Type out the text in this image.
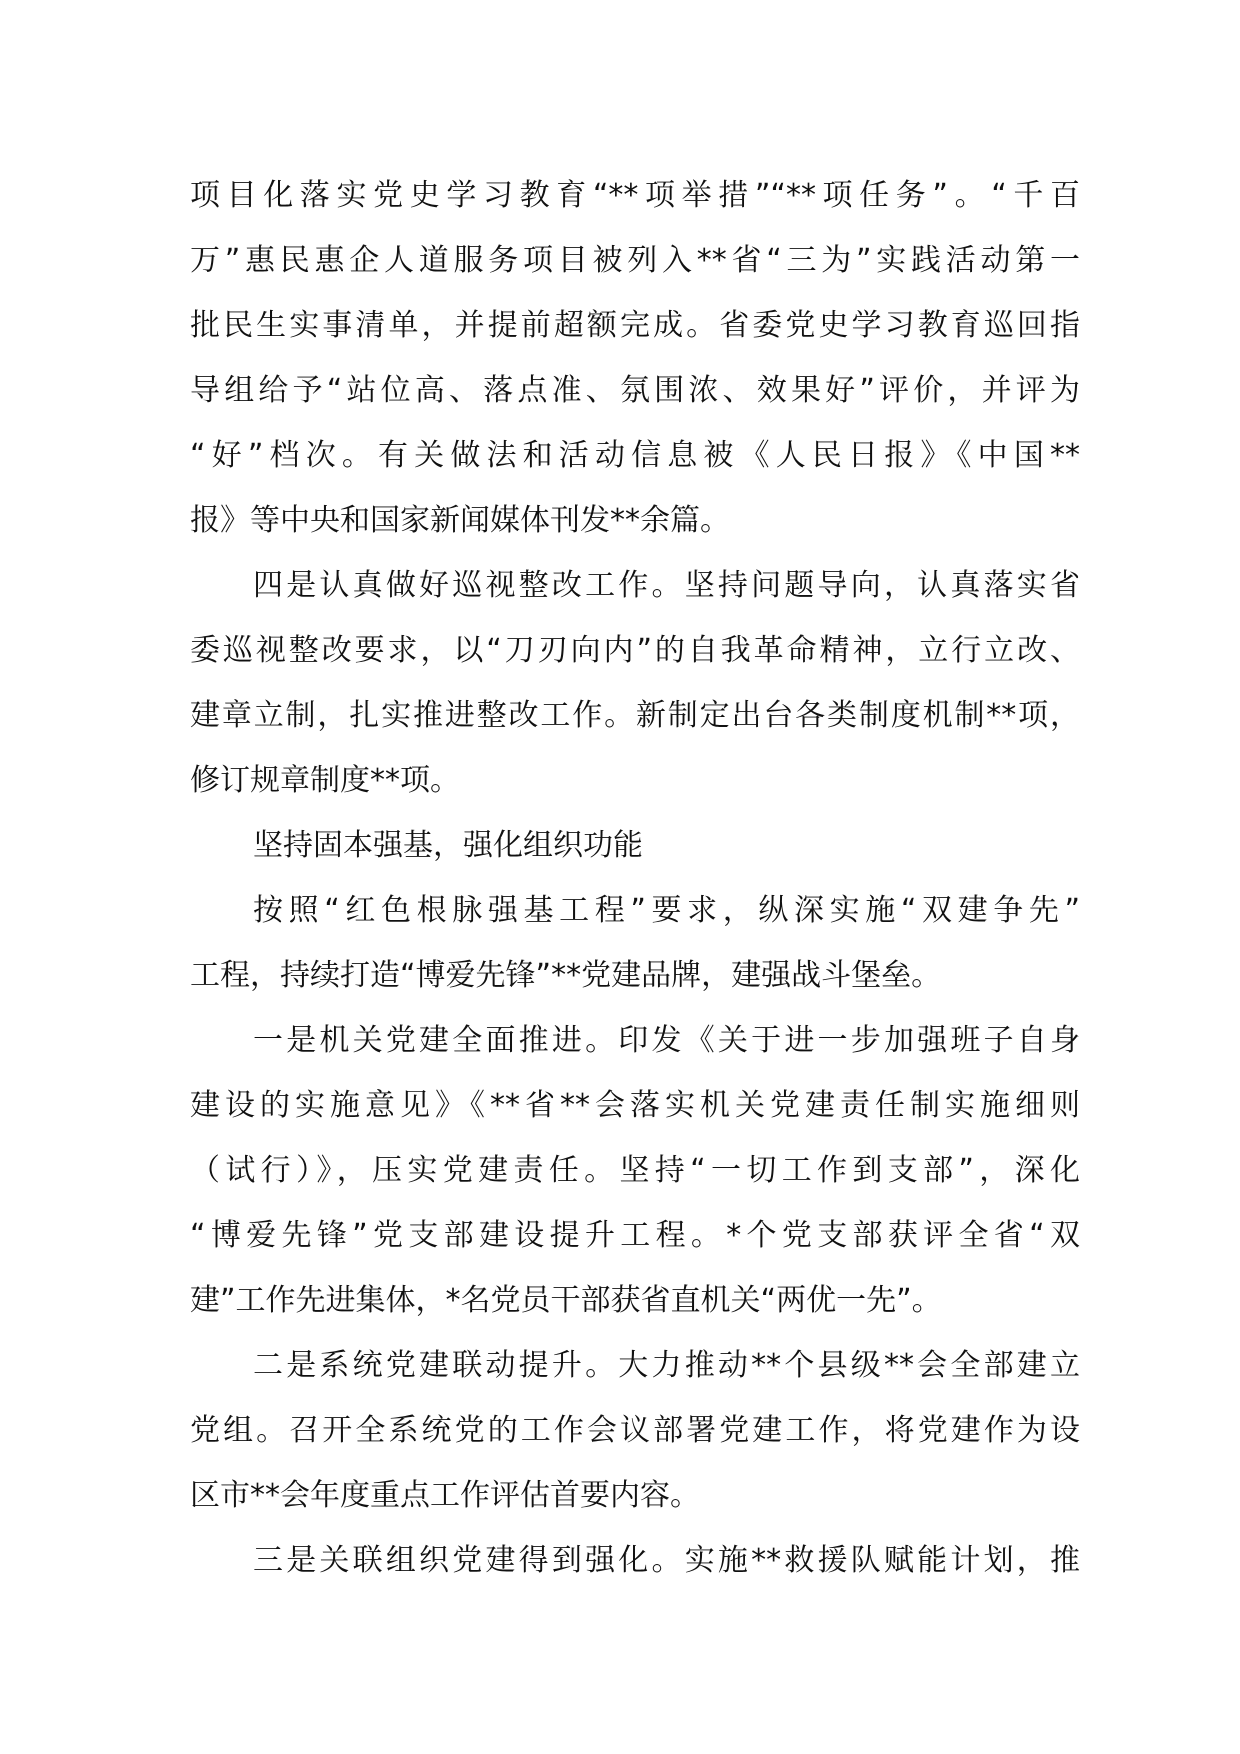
项目化落实党史学习教育“**项举措”“**项任务”。“千百
万”惠民惠企人道服务项目被列入**省“三为”实践活动第一
批民生实事清单，并提前超额完成。省委党史学习教育巡回指
导组给予“站位高、落点准、氛围浓、效果好”评价，并评为
“好”档次。有关做法和活动信息被《人民日报》《中国**
报》等中央和国家新闻媒体刊发**余篇。
四是认真做好巡视整改工作。坚持问题导向，认真落实省
委巡视整改要求，以“刀刃向内”的自我革命精神，立行立改、
建章立制，扎实推进整改工作。新制定出台各类制度机制**项，
修订规章制度**项。
坚持固本强基，强化组织功能
按照“红色根脉强基工程”要求，纵深实施“双建争先”
工程，持续打造“博爱先锋”**党建品牌，建强战斗堡垒。
一是机关党建全面推进。印发《关于进一步加强班子自身
建设的实施意见》《**省**会落实机关党建责任制实施细则
（试行）》，压实党建责任。坚持“一切工作到支部”，深化
“博爱先锋”党支部建设提升工程。*个党支部获评全省“双
建”工作先进集体，*名党员干部获省直机关“两优一先”。
二是系统党建联动提升。大力推动**个县级**会全部建立
党组。召开全系统党的工作会议部署党建工作，将党建作为设
区市**会年度重点工作评估首要内容。
三是关联组织党建得到强化。实施**救援队赋能计划，推
